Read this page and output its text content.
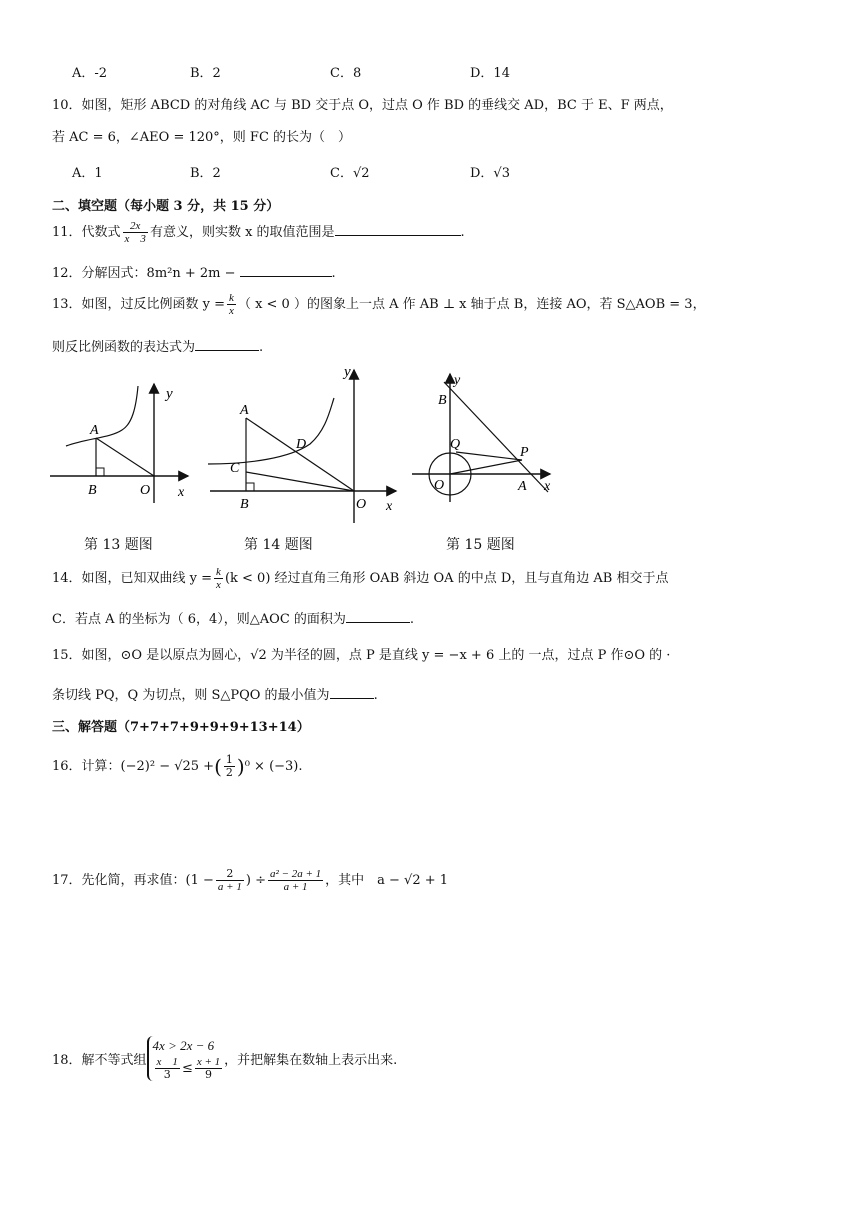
A．-2	B．2	C．8	D．14
10．如图，矩形 ABCD 的对角线 AC 与 BD 交于点 O，过点 O 作 BD 的垂线交 AD，BC 于 E、F 两点，
若 AC = 6，∠AEO = 120°，则 FC 的长为（　）
A．1	B．2	C．√2	D．√3
二、填空题（每小题 3 分，共 15 分）
11．代数式 $\frac{2x}{x 3}$ 有意义，则实数 x 的取值范围是	.
12．分解因式：8m²n + 2m −	.
13．如图，过反比例函数 $y = \frac{k}{x}$ （ x < 0 ）的图象上一点 A 作 AB ⊥ x 轴于点 B，连接 AO，若 S△AOB = 3，
则反比例函数的表达式为	.
y
A
B	O x
第 13 题图
y
A
D
C
B	O x
第 14 题图
y
B
Q
P
O	A x
第 15 题图
14．如图，已知双曲线 $y = \frac{k}{x} (k < 0)$ 经过直角三角形 OAB 斜边 OA 的中点 D，且与直角边 AB 相交于点
C．若点 A 的坐标为（ 6，4），则△AOC 的面积为	.
15．如图，⊙O 是以原点为圆心，√2 为半径的圆，点 P 是直线 y = −x + 6 上的 一点，过点 P 作⊙O 的 ·
条切线 PQ，Q 为切点，则 S△PQO 的最小值为	.
三、解答题（7+7+7+9+9+9+13+14）
16．计算：(−2)² − √25 +( $\frac{1}{2} )^0 \times (-3)$.
17．先化简，再求值：($1 - \frac{2}{a + 1}$ ) ÷ $\frac{\text{a² − 2a + 1}}{a + 1}$ ，其中　a − √2 + 1
18．解不等式组
4x > 2x − 6
$\frac{x 1}{3} \le \frac{x + 1}{9}$ ，并把解集在数轴上表示出来.
